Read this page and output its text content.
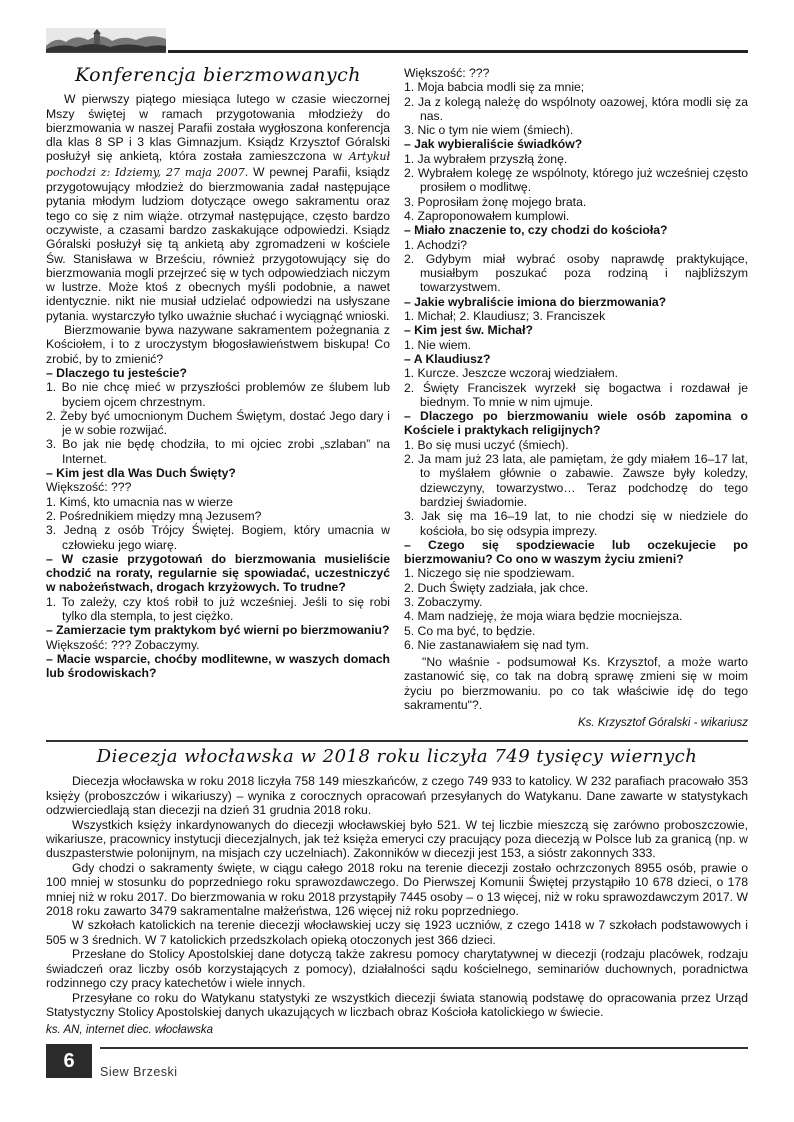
Konferencja bierzmowanych

W pierwszy piątego miesiąca lutego w czasie wieczornej Mszy świętej w ramach przygotowania młodzieży do bierzmowania w naszej Parafii została wygłoszona konferencja dla klas 8 SP i 3 klas Gimnazjum. Ksiądz Krzysztof Góralski posłużył się ankietą, która została zamieszczona w Artykuł pochodzi z: Idziemy, 27 maja 2007. W pewnej Parafii, ksiądz przygotowujący młodzież do bierzmowania zadał następujące pytania młodym ludziom dotyczące owego sakramentu oraz tego co się z nim wiąże. otrzymał następujące, często bardzo oczywiste, a czasami bardzo zaskakujące odpowiedzi. Ksiądz Góralski posłużył się tą ankietą aby zgromadzeni w kościele Św. Stanisława w Brześciu, również przygotowujący się do bierzmowania mogli przejrzeć się w tych odpowiedziach niczym w lustrze. Może ktoś z obecnych myśli podobnie, a nawet identycznie. nikt nie musiał udzielać odpowiedzi na usłyszane pytania. wystarczyło tylko uważnie słuchać i wyciągnąć wnioski.

Bierzmowanie bywa nazywane sakramentem pożegnania z Kościołem, i to z uroczystym błogosławieństwem biskupa! Co zrobić, by to zmienić?

– Dlaczego tu jesteście?

1. Bo nie chcę mieć w przyszłości problemów ze ślubem lub byciem ojcem chrzestnym.
2. Żeby być umocnionym Duchem Świętym, dostać Jego dary i je w sobie rozwijać.
3. Bo jak nie będę chodziła, to mi ojciec zrobi „szlaban” na Internet.

– Kim jest dla Was Duch Święty?

Większość: ???

1. Kimś, kto umacnia nas w wierze
2. Pośrednikiem między mną Jezusem?
3. Jedną z osób Trójcy Świętej. Bogiem, który umacnia w człowieku jego wiarę.

– W czasie przygotowań do bierzmowania musieliście chodzić na roraty, regularnie się spowiadać, uczestniczyć w nabożeństwach, drogach krzyżowych. To trudne?

1. To zależy, czy ktoś robił to już wcześniej. Jeśli to się robi tylko dla stempla, to jest ciężko.

– Zamierzacie tym praktykom być wierni po bierzmowaniu?

Większość: ??? Zobaczymy.

– Macie wsparcie, choćby modlitewne, w waszych domach lub środowiskach?

Większość: ???

1. Moja babcia modli się za mnie;
2. Ja z kolegą należę do wspólnoty oazowej, która modli się za nas.
3. Nic o tym nie wiem (śmiech).

– Jak wybieraliście świadków?

1. Ja wybrałem przyszłą żonę.
2. Wybrałem kolegę ze wspólnoty, którego już wcześniej często prosiłem o modlitwę.
3. Poprosiłam żonę mojego brata.
4. Zaproponowałem kumplowi.

– Miało znaczenie to, czy chodzi do kościoła?

1. Achodzi?
2. Gdybym miał wybrać osoby naprawdę praktykujące, musiałbym poszukać poza rodziną i najbliższym towarzystwem.

– Jakie wybraliście imiona do bierzmowania?

1. Michał; 2. Klaudiusz; 3. Franciszek

– Kim jest św. Michał?

1. Nie wiem.

– A Klaudiusz?

1. Kurcze. Jeszcze wczoraj wiedziałem.
2. Święty Franciszek wyrzekł się bogactwa i rozdawał je biednym. To mnie w nim ujmuje.

– Dlaczego po bierzmowaniu wiele osób zapomina o Kościele i praktykach religijnych?

1. Bo się musi uczyć (śmiech).
2. Ja mam już 23 lata, ale pamiętam, że gdy miałem 16–17 lat, to myślałem głównie o zabawie. Zawsze były koledzy, dziewczyny, towarzystwo… Teraz podchodzę do tego bardziej świadomie.
3. Jak się ma 16–19 lat, to nie chodzi się w niedziele do kościoła, bo się odsypia imprezy.

– Czego się spodziewacie lub oczekujecie po bierzmowaniu? Co ono w waszym życiu zmieni?

1. Niczego się nie spodziewam.
2. Duch Święty zadziała, jak chce.
3. Zobaczymy.
4. Mam nadzieję, że moja wiara będzie mocniejsza.
5. Co ma być, to będzie.
6. Nie zastanawiałem się nad tym.

"No właśnie - podsumował Ks. Krzysztof, a może warto zastanowić się, co tak na dobrą sprawę zmieni się w moim życiu po bierzmowaniu. po co tak właściwie idę do tego sakramentu"?.

Ks. Krzysztof Góralski - wikariusz

Diecezja włocławska w 2018 roku liczyła 749 tysięcy wiernych

Diecezja włocławska w roku 2018 liczyła 758 149 mieszkańców, z czego 749 933 to katolicy. W 232 parafiach pracowało 353 księży (proboszczów i wikariuszy) – wynika z corocznych opracowań przesyłanych do Watykanu. Dane zawarte w statystykach odzwierciedlają stan diecezji na dzień 31 grudnia 2018 roku.

Wszystkich księży inkardynowanych do diecezji włocławskiej było 521. W tej liczbie mieszczą się zarówno proboszczowie, wikariusze, pracownicy instytucji diecezjalnych, jak też księża emeryci czy pracujący poza diecezją w Polsce lub za granicą (np. w duszpasterstwie polonijnym, na misjach czy uczelniach). Zakonników w diecezji jest 153, a sióstr zakonnych 333.

Gdy chodzi o sakramenty święte, w ciągu całego 2018 roku na terenie diecezji zostało ochrzczonych 8955 osób, prawie o 100 mniej w stosunku do poprzedniego roku sprawozdawczego. Do Pierwszej Komunii Świętej przystąpiło 10 678 dzieci, o 178 mniej niż w roku 2017. Do bierzmowania w roku 2018 przystąpiły 7445 osoby – o 13 więcej, niż w roku sprawozdawczym 2017. W 2018 roku zawarto 3479 sakramentalne małżeństwa, 126 więcej niż roku poprzedniego.

W szkołach katolickich na terenie diecezji włocławskiej uczy się 1923 uczniów, z czego 1418 w 7 szkołach podstawowych i 505 w 3 średnich. W 7 katolickich przedszkolach opieką otoczonych jest 366 dzieci.

Przesłane do Stolicy Apostolskiej dane dotyczą także zakresu pomocy charytatywnej w diecezji (rodzaju placówek, rodzaju świadczeń oraz liczby osób korzystających z pomocy), działalności sądu kościelnego, seminariów duchownych, poradnictwa rodzinnego czy pracy katechetów i wiele innych.

Przesyłane co roku do Watykanu statystyki ze wszystkich diecezji świata stanowią podstawę do opracowania przez Urząd Statystyczny Stolicy Apostolskiej danych ukazujących w liczbach obraz Kościoła katolickiego w świecie.

ks. AN, internet diec. włocławska

6
Siew Brzeski
